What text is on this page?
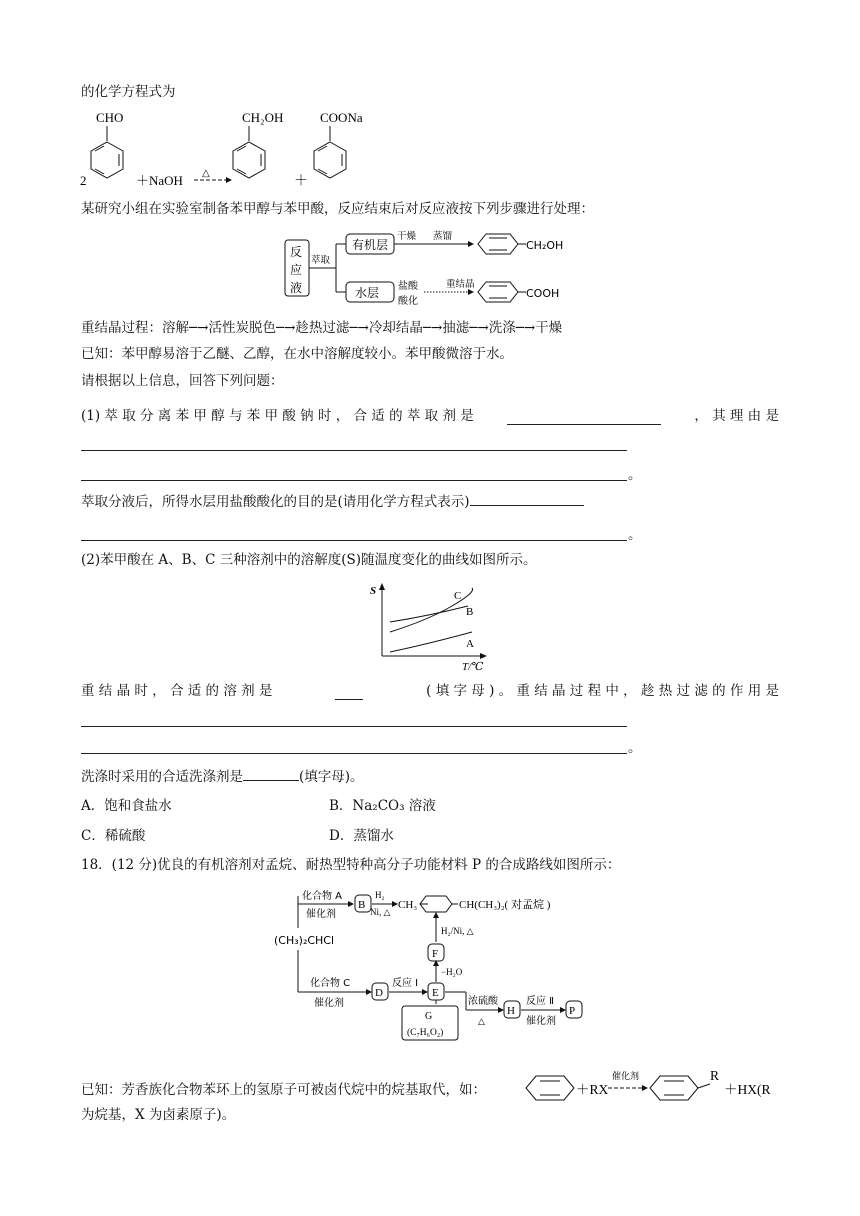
的化学方程式为
CHO
2	＋NaOH △
CH₂OH
＋
COONa
某研究小组在实验室制备苯甲醇与苯甲酸，反应结束后对反应液按下列步骤进行处理：
反
应
液
萃取
有机层
干燥 蒸馏
CH₂OH
水层 盐酸
酸化
重结晶
COOH
重结晶过程：溶解─→活性炭脱色─→趁热过滤─→冷却结晶─→抽滤─→洗涤─→干燥
已知：苯甲醇易溶于乙醚、乙醇，在水中溶解度较小。苯甲酸微溶于水。
请根据以上信息，回答下列问题：
(1) 萃 取 分 离 苯 甲 醇 与 苯 甲 酸 钠 时 ， 合 适 的 萃 取 剂 是	， 其 理 由 是
。
萃取分液后，所得水层用盐酸酸化的目的是(请用化学方程式表示)
。
(2)苯甲酸在 A、B、C 三种溶剂中的溶解度(S)随温度变化的曲线如图所示。
S	C
B
A
T/℃
重 结 晶 时 ， 合 适 的 溶 剂 是	( 填 字 母 ) 。 重 结 晶 过 程 中 ， 趁 热 过 滤 的 作 用 是
。
洗涤时采用的合适洗涤剂是	(填字母)。
A．饱和食盐水	B．Na₂CO₃ 溶液
C．稀硫酸	D．蒸馏水
18．(12 分)优良的有机溶剂对孟烷、耐热型特种高分子功能材料 P 的合成路线如图所示：
(CH₃)₂CHCl
化合物 A
催化剂
B
H₂
Ni, △
CH₃	CH(CH₃)₂( 对孟烷 )
H₂/Ni, △
F
−H₂O
化合物 C
催化剂
D
反应 Ⅰ
E
浓硫酸
△
H
反应 Ⅱ
催化剂
P
G
(C₇H₆O₂)
已知：芳香族化合物苯环上的氢原子可被卤代烷中的烷基取代，如：	＋RX
催化剂	R
＋HX(R
为烷基，X 为卤素原子)。
